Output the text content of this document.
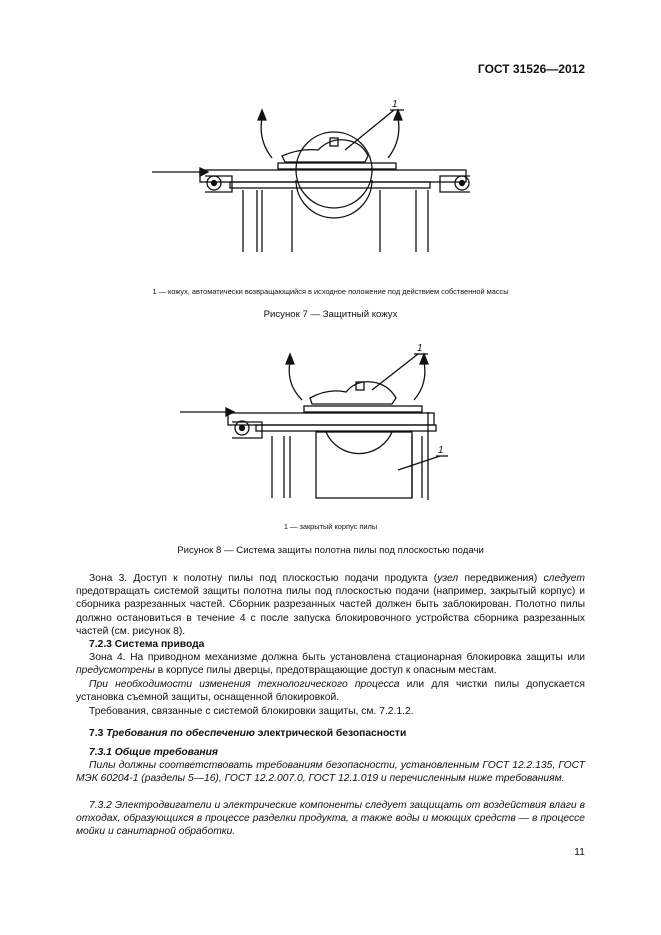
ГОСТ 31526—2012
1
1 — кожух, автоматически возвращающийся в исходное положение под действием собственной массы
Рисунок 7 — Защитный кожух
1
1
1 — закрытый корпус пилы
Рисунок 8 — Система защиты полотна пилы под плоскостью подачи
Зона 3. Доступ к полотну пилы под плоскостью подачи продукта (узел передвижения) следует предотвращать системой защиты полотна пилы под плоскостью подачи (например, закрытый корпус) и сборника разрезанных частей. Сборник разрезанных частей должен быть заблокирован. Полотно пилы должно остановиться в течение 4 с после запуска блокировочного устройства сборника разрезанных частей (см. рисунок 8).
7.2.3 Система привода
Зона 4. На приводном механизме должна быть установлена стационарная блокировка защиты или предусмотрены в корпусе пилы дверцы, предотвращающие доступ к опасным местам.
При необходимости изменения технологического процесса или для чистки пилы допускается установка съемной защиты, оснащенной блокировкой.
Требования, связанные с системой блокировки защиты, см. 7.2.1.2.
7.3 Требования по обеспечению электрической безопасности
7.3.1 Общие требования
Пилы должны соответствовать требованиям безопасности, установленным ГОСТ 12.2.135, ГОСТ МЭК 60204-1 (разделы 5—16), ГОСТ 12.2.007.0, ГОСТ 12.1.019 и перечисленным ниже требованиям.
7.3.2 Электродвигатели и электрические компоненты следует защищать от воздействия влаги в отходах, образующихся в процессе разделки продукта, а также воды и моющих средств — в процессе мойки и санитарной обработки.
11
